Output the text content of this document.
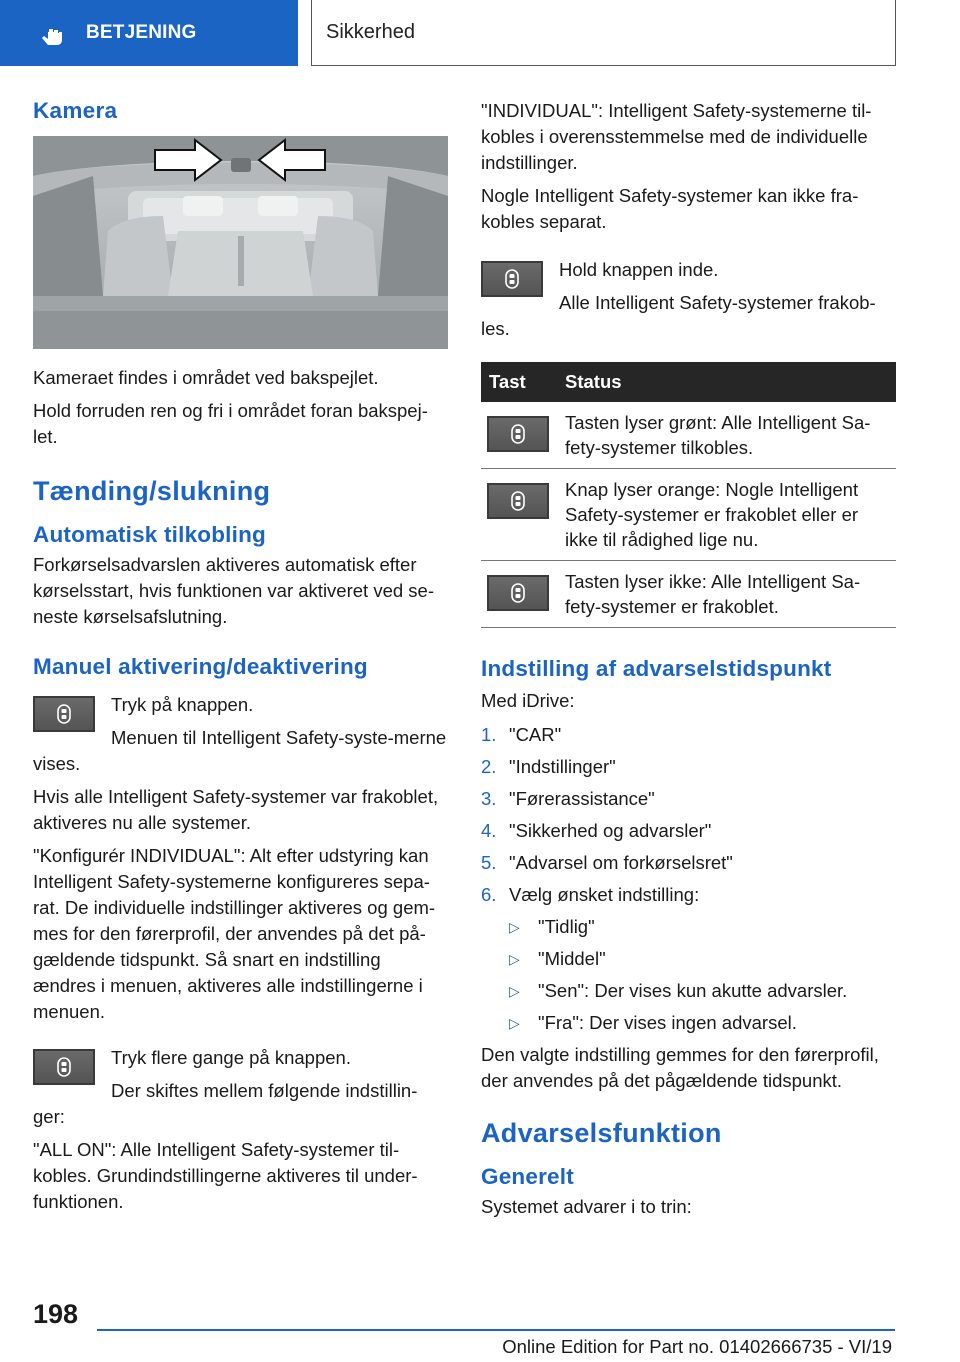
BETJENING	Sikkerhed
Kamera

Kameraet findes i området ved bakspejlet.

Hold forruden ren og fri i området foran bakspej-let.

Tænding/slukning
Automatisk tilkobling

Forkørselsadvarslen aktiveres automatisk efter kørselsstart, hvis funktionen var aktiveret ved se-neste kørselsafslutning.

Manuel aktivering/deaktivering

Tryk på knappen.

Menuen til Intelligent Safety-syste-merne vises.

Hvis alle Intelligent Safety-systemer var frakoblet, aktiveres nu alle systemer.

"Konfigurér INDIVIDUAL": Alt efter udstyring kan Intelligent Safety-systemerne konfigureres sepa-rat. De individuelle indstillinger aktiveres og gem-mes for den førerprofil, der anvendes på det på-gældende tidspunkt. Så snart en indstilling ændres i menuen, aktiveres alle indstillingerne i menuen.

Tryk flere gange på knappen.

Der skiftes mellem følgende indstillin-ger:

"ALL ON": Alle Intelligent Safety-systemer til-kobles. Grundindstillingerne aktiveres til under-funktionen.

"INDIVIDUAL": Intelligent Safety-systemerne til-kobles i overensstemmelse med de individuelle indstillinger.

Nogle Intelligent Safety-systemer kan ikke fra-kobles separat.

Hold knappen inde.

Alle Intelligent Safety-systemer frakob-les.

Tast	Status

	Tasten lyser grønt: Alle Intelligent Sa-fety-systemer tilkobles.

	Knap lyser orange: Nogle Intelligent Safety-systemer er frakoblet eller er ikke til rådighed lige nu.

	Tasten lyser ikke: Alle Intelligent Sa-fety-systemer er frakoblet.
Indstilling af advarselstidspunkt

Med iDrive:

1. "CAR"
2. "Indstillinger"
3. "Førerassistance"
4. "Sikkerhed og advarsler"
5. "Advarsel om forkørselsret"
6. Vælg ønsket indstilling:
▷ "Tidlig"
▷ "Middel"
▷ "Sen": Der vises kun akutte advarsler.
▷ "Fra": Der vises ingen advarsel.

Den valgte indstilling gemmes for den førerprofil, der anvendes på det pågældende tidspunkt.

Advarselsfunktion
Generelt

Systemet advarer i to trin:

198
Online Edition for Part no. 01402666735 - VI/19
